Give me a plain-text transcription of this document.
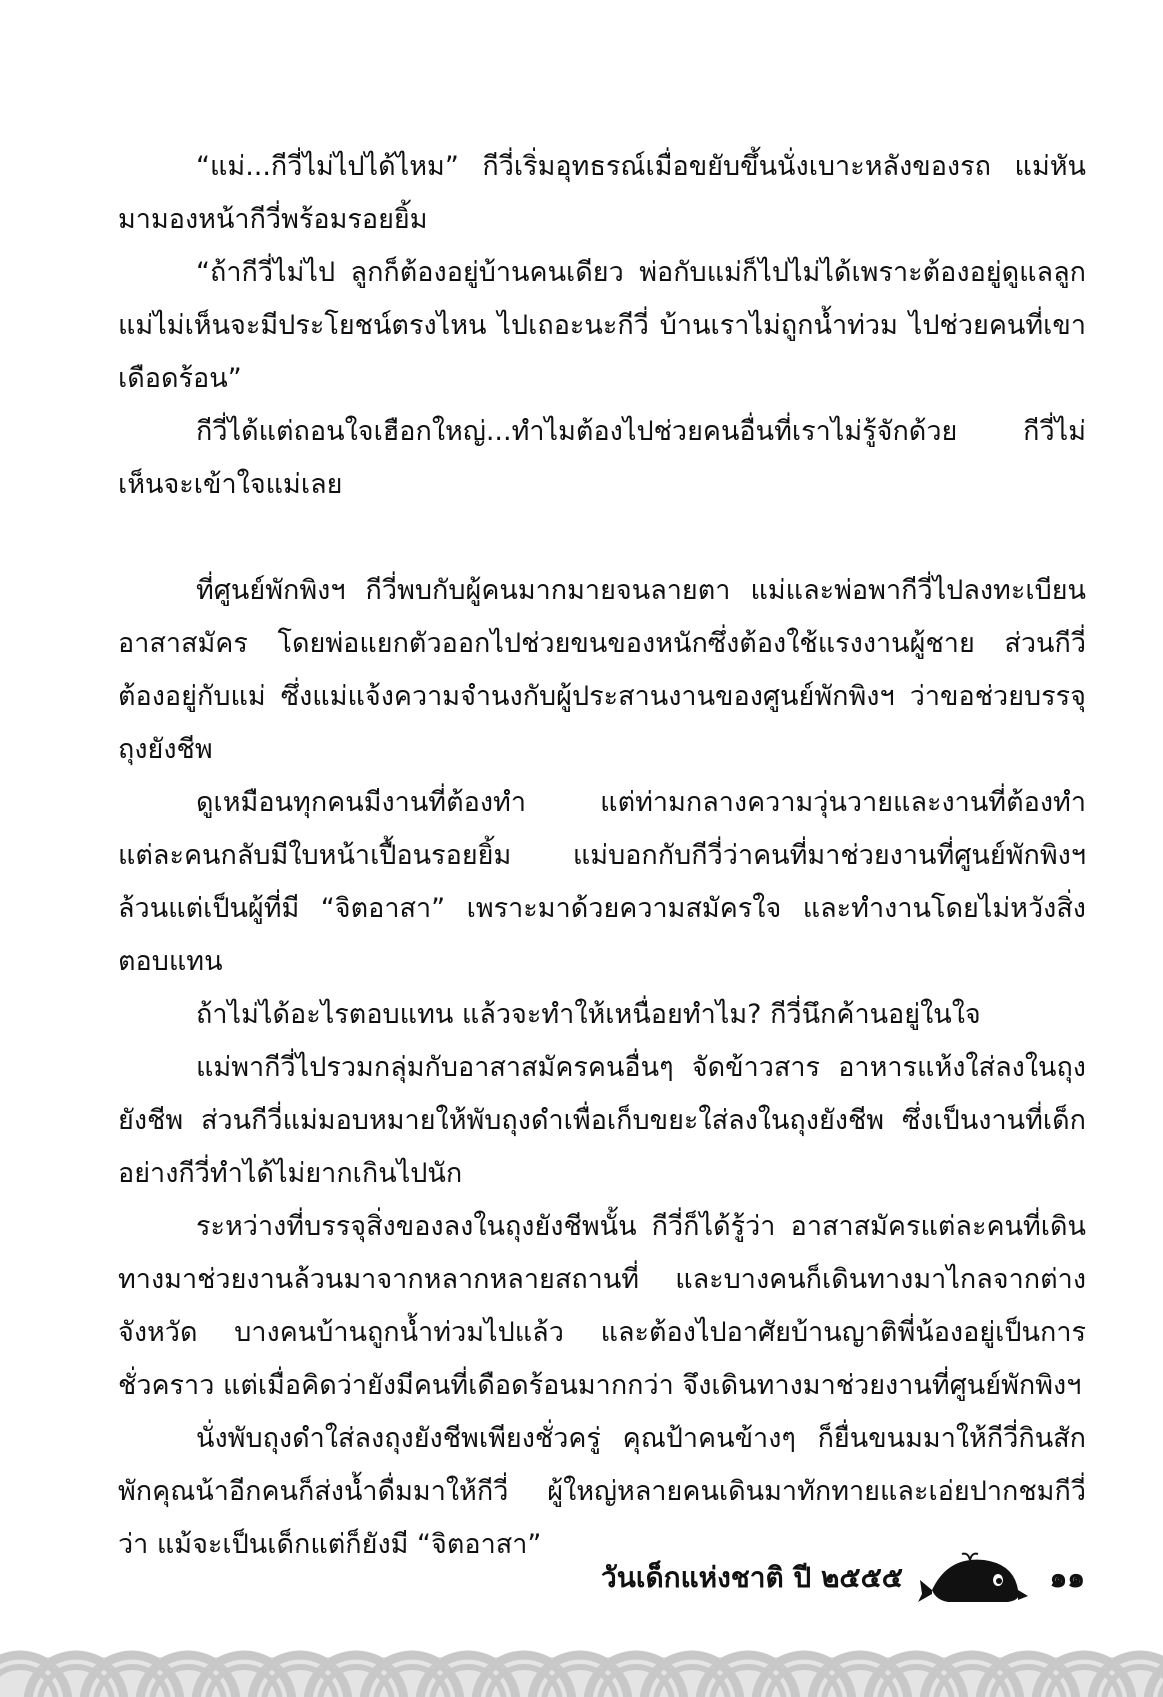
“แม่...กีวี่ไม่ไปได้ไหม” กีวี่เริ่มอุทธรณ์เมื่อขยับขึ้นนั่งเบาะหลังของรถ แม่หันมามองหน้ากีวี่พร้อมรอยยิ้ม

“ถ้ากีวี่ไม่ไป ลูกก็ต้องอยู่บ้านคนเดียว พ่อกับแม่ก็ไปไม่ได้เพราะต้องอยู่ดูแลลูก แม่ไม่เห็นจะมีประโยชน์ตรงไหน ไปเถอะนะกีวี่ บ้านเราไม่ถูกน้ำท่วม ไปช่วยคนที่เขาเดือดร้อน”

กีวี่ได้แต่ถอนใจเฮือกใหญ่...ทำไมต้องไปช่วยคนอื่นที่เราไม่รู้จักด้วย กีวี่ไม่เห็นจะเข้าใจแม่เลย

ที่ศูนย์พักพิงฯ กีวี่พบกับผู้คนมากมายจนลายตา แม่และพ่อพากีวี่ไปลงทะเบียนอาสาสมัคร โดยพ่อแยกตัวออกไปช่วยขนของหนักซึ่งต้องใช้แรงงานผู้ชาย ส่วนกีวี่ต้องอยู่กับแม่ ซึ่งแม่แจ้งความจำนงกับผู้ประสานงานของศูนย์พักพิงฯ ว่าขอช่วยบรรจุถุงยังชีพ

ดูเหมือนทุกคนมีงานที่ต้องทำ แต่ท่ามกลางความวุ่นวายและงานที่ต้องทำ แต่ละคนกลับมีใบหน้าเปื้อนรอยยิ้ม แม่บอกกับกีวี่ว่าคนที่มาช่วยงานที่ศูนย์พักพิงฯ ล้วนแต่เป็นผู้ที่มี “จิตอาสา” เพราะมาด้วยความสมัครใจ และทำงานโดยไม่หวังสิ่งตอบแทน

ถ้าไม่ได้อะไรตอบแทน แล้วจะทำให้เหนื่อยทำไม? กีวี่นึกค้านอยู่ในใจ

แม่พากีวี่ไปรวมกลุ่มกับอาสาสมัครคนอื่นๆ จัดข้าวสาร อาหารแห้งใส่ลงในถุงยังชีพ ส่วนกีวี่แม่มอบหมายให้พับถุงดำเพื่อเก็บขยะใส่ลงในถุงยังชีพ ซึ่งเป็นงานที่เด็กอย่างกีวี่ทำได้ไม่ยากเกินไปนัก

ระหว่างที่บรรจุสิ่งของลงในถุงยังชีพนั้น กีวี่ก็ได้รู้ว่า อาสาสมัครแต่ละคนที่เดินทางมาช่วยงานล้วนมาจากหลากหลายสถานที่ และบางคนก็เดินทางมาไกลจากต่างจังหวัด บางคนบ้านถูกน้ำท่วมไปแล้ว และต้องไปอาศัยบ้านญาติพี่น้องอยู่เป็นการชั่วคราว แต่เมื่อคิดว่ายังมีคนที่เดือดร้อนมากกว่า จึงเดินทางมาช่วยงานที่ศูนย์พักพิงฯ

นั่งพับถุงดำใส่ลงถุงยังชีพเพียงชั่วครู่ คุณป้าคนข้างๆ ก็ยื่นขนมมาให้กีวี่กินสักพักคุณน้าอีกคนก็ส่งน้ำดื่มมาให้กีวี่ ผู้ใหญ่หลายคนเดินมาทักทายและเอ่ยปากชมกีวี่ว่า แม้จะเป็นเด็กแต่ก็ยังมี “จิตอาสา”

วันเด็กแห่งชาติ ปี ๒๕๕๕	๑๑
